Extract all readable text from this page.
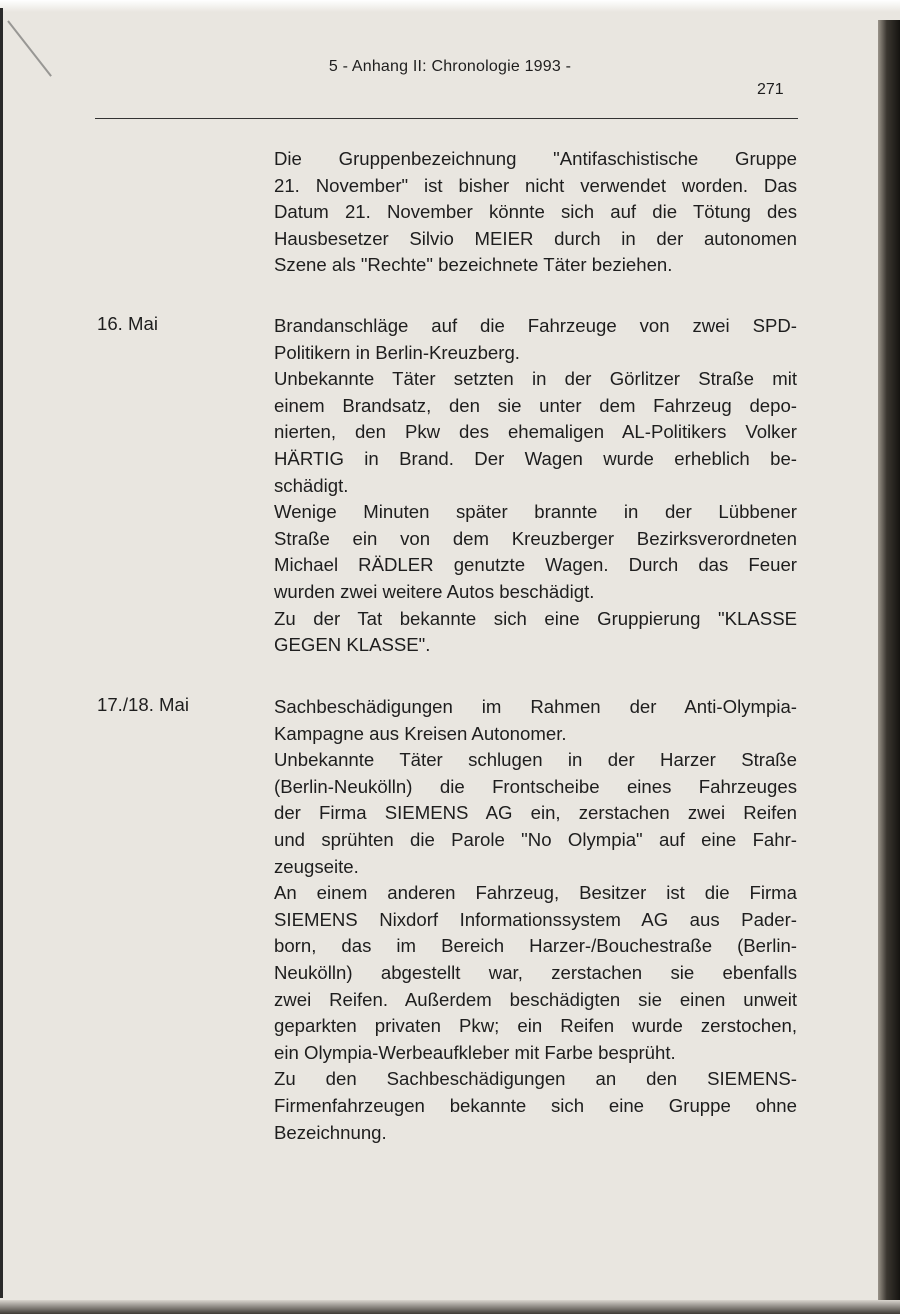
5 - Anhang II: Chronologie 1993 -
271
Die Gruppenbezeichnung "Antifaschistische Gruppe
21. November" ist bisher nicht verwendet worden. Das
Datum 21. November könnte sich auf die Tötung des
Hausbesetzer Silvio MEIER durch in der autonomen
Szene als "Rechte" bezeichnete Täter beziehen.
16. Mai	Brandanschläge auf die Fahrzeuge von zwei SPD-
Politikern in Berlin-Kreuzberg.
Unbekannte Täter setzten in der Görlitzer Straße mit
einem Brandsatz, den sie unter dem Fahrzeug depo-
nierten, den Pkw des ehemaligen AL-Politikers Volker
HÄRTIG in Brand. Der Wagen wurde erheblich be-
schädigt.
Wenige Minuten später brannte in der Lübbener
Straße ein von dem Kreuzberger Bezirksverordneten
Michael RÄDLER genutzte Wagen. Durch das Feuer
wurden zwei weitere Autos beschädigt.
Zu der Tat bekannte sich eine Gruppierung "KLASSE
GEGEN KLASSE".
17./18. Mai	Sachbeschädigungen im Rahmen der Anti-Olympia-
Kampagne aus Kreisen Autonomer.
Unbekannte Täter schlugen in der Harzer Straße
(Berlin-Neukölln) die Frontscheibe eines Fahrzeuges
der Firma SIEMENS AG ein, zerstachen zwei Reifen
und sprühten die Parole "No Olympia" auf eine Fahr-
zeugseite.
An einem anderen Fahrzeug, Besitzer ist die Firma
SIEMENS Nixdorf Informationssystem AG aus Pader-
born, das im Bereich Harzer-/Bouchestraße (Berlin-
Neukölln) abgestellt war, zerstachen sie ebenfalls
zwei Reifen. Außerdem beschädigten sie einen unweit
geparkten privaten Pkw; ein Reifen wurde zerstochen,
ein Olympia-Werbeaufkleber mit Farbe besprüht.
Zu den Sachbeschädigungen an den SIEMENS-
Firmenfahrzeugen bekannte sich eine Gruppe ohne
Bezeichnung.
